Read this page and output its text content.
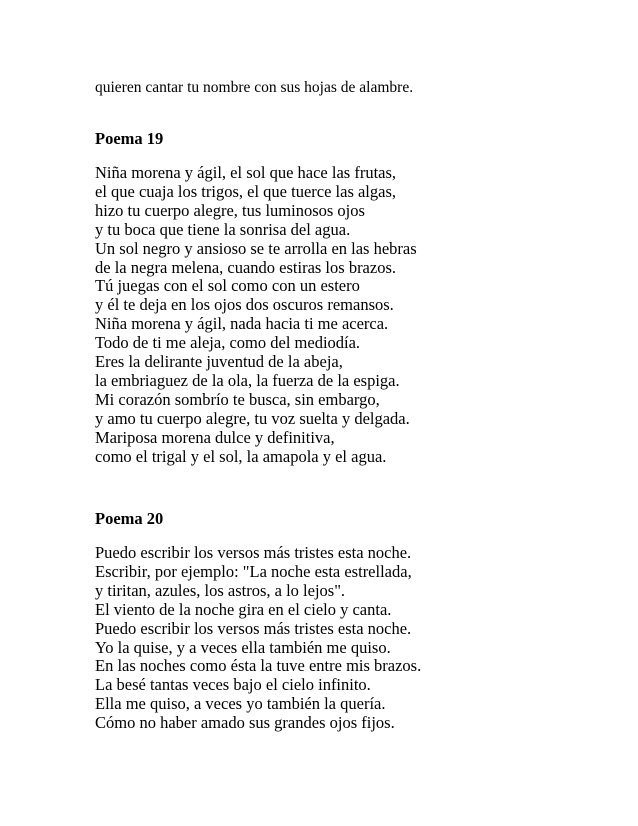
quieren cantar tu nombre con sus hojas de alambre.
Poema 19
Niña morena y ágil, el sol que hace las frutas,
el que cuaja los trigos, el que tuerce las algas,
hizo tu cuerpo alegre, tus luminosos ojos
y tu boca que tiene la sonrisa del agua.
Un sol negro y ansioso se te arrolla en las hebras
de la negra melena, cuando estiras los brazos.
Tú juegas con el sol como con un estero
y él te deja en los ojos dos oscuros remansos.
Niña morena y ágil, nada hacia ti me acerca.
Todo de ti me aleja, como del mediodía.
Eres la delirante juventud de la abeja,
la embriaguez de la ola, la fuerza de la espiga.
Mi corazón sombrío te busca, sin embargo,
y amo tu cuerpo alegre, tu voz suelta y delgada.
Mariposa morena dulce y definitiva,
como el trigal y el sol, la amapola y el agua.
Poema 20
Puedo escribir los versos más tristes esta noche.
Escribir, por ejemplo: "La noche esta estrellada,
y tiritan, azules, los astros, a lo lejos".
El viento de la noche gira en el cielo y canta.
Puedo escribir los versos más tristes esta noche.
Yo la quise, y a veces ella también me quiso.
En las noches como ésta la tuve entre mis brazos.
La besé tantas veces bajo el cielo infinito.
Ella me quiso, a veces yo también la quería.
Cómo no haber amado sus grandes ojos fijos.
